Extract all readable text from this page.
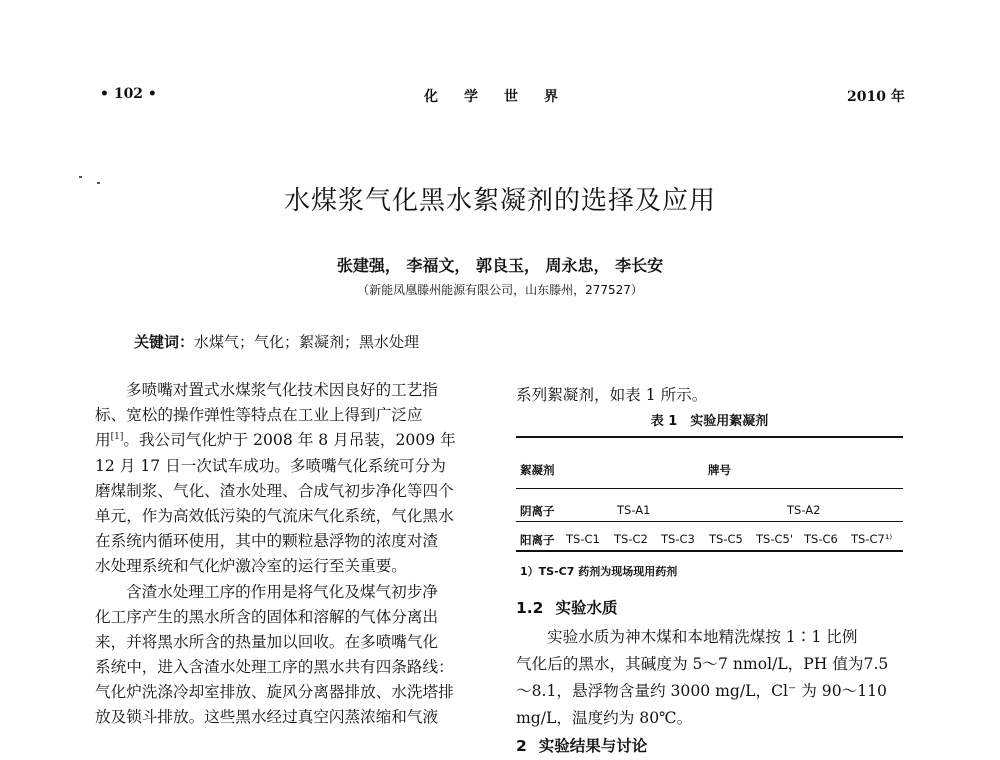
• 102 •	化学世界	2010 年
水煤浆气化黑水絮凝剂的选择及应用
张建强， 李福文， 郭良玉， 周永忠， 李长安
（新能凤凰滕州能源有限公司，山东滕州，277527）
关键词：水煤气；气化；絮凝剂；黑水处理
多喷嘴对置式水煤浆气化技术因良好的工艺指
标、宽松的操作弹性等特点在工业上得到广泛应
用[1]。我公司气化炉于 2008 年 8 月吊装，2009 年
12 月 17 日一次试车成功。多喷嘴气化系统可分为
磨煤制浆、气化、渣水处理、合成气初步净化等四个
单元，作为高效低污染的气流床气化系统，气化黑水
在系统内循环使用，其中的颗粒悬浮物的浓度对渣
水处理系统和气化炉激冷室的运行至关重要。
含渣水处理工序的作用是将气化及煤气初步净
化工序产生的黑水所含的固体和溶解的气体分离出
来，并将黑水所含的热量加以回收。在多喷嘴气化
系统中，进入含渣水处理工序的黑水共有四条路线：
气化炉洗涤冷却室排放、旋风分离器排放、水洗塔排
放及锁斗排放。这些黑水经过真空闪蒸浓缩和气液
系列絮凝剂，如表 1 所示。
表 1　实验用絮凝剂
絮凝剂	牌号
阴离子	TS-A1	TS-A2
阳离子 TS-C1 TS-C2 TS-C3 TS-C5 TS-C5' TS-C6 TS-C7¹⁾
1）TS-C7 药剂为现场现用药剂
1.2 实验水质
实验水质为神木煤和本地精洗煤按 1∶1 比例
气化后的黑水，其碱度为 5～7 nmol/L，PH 值为7.5
～8.1，悬浮物含量约 3000 mg/L，Cl⁻ 为 90～110
mg/L，温度约为 80℃。
2 实验结果与讨论
